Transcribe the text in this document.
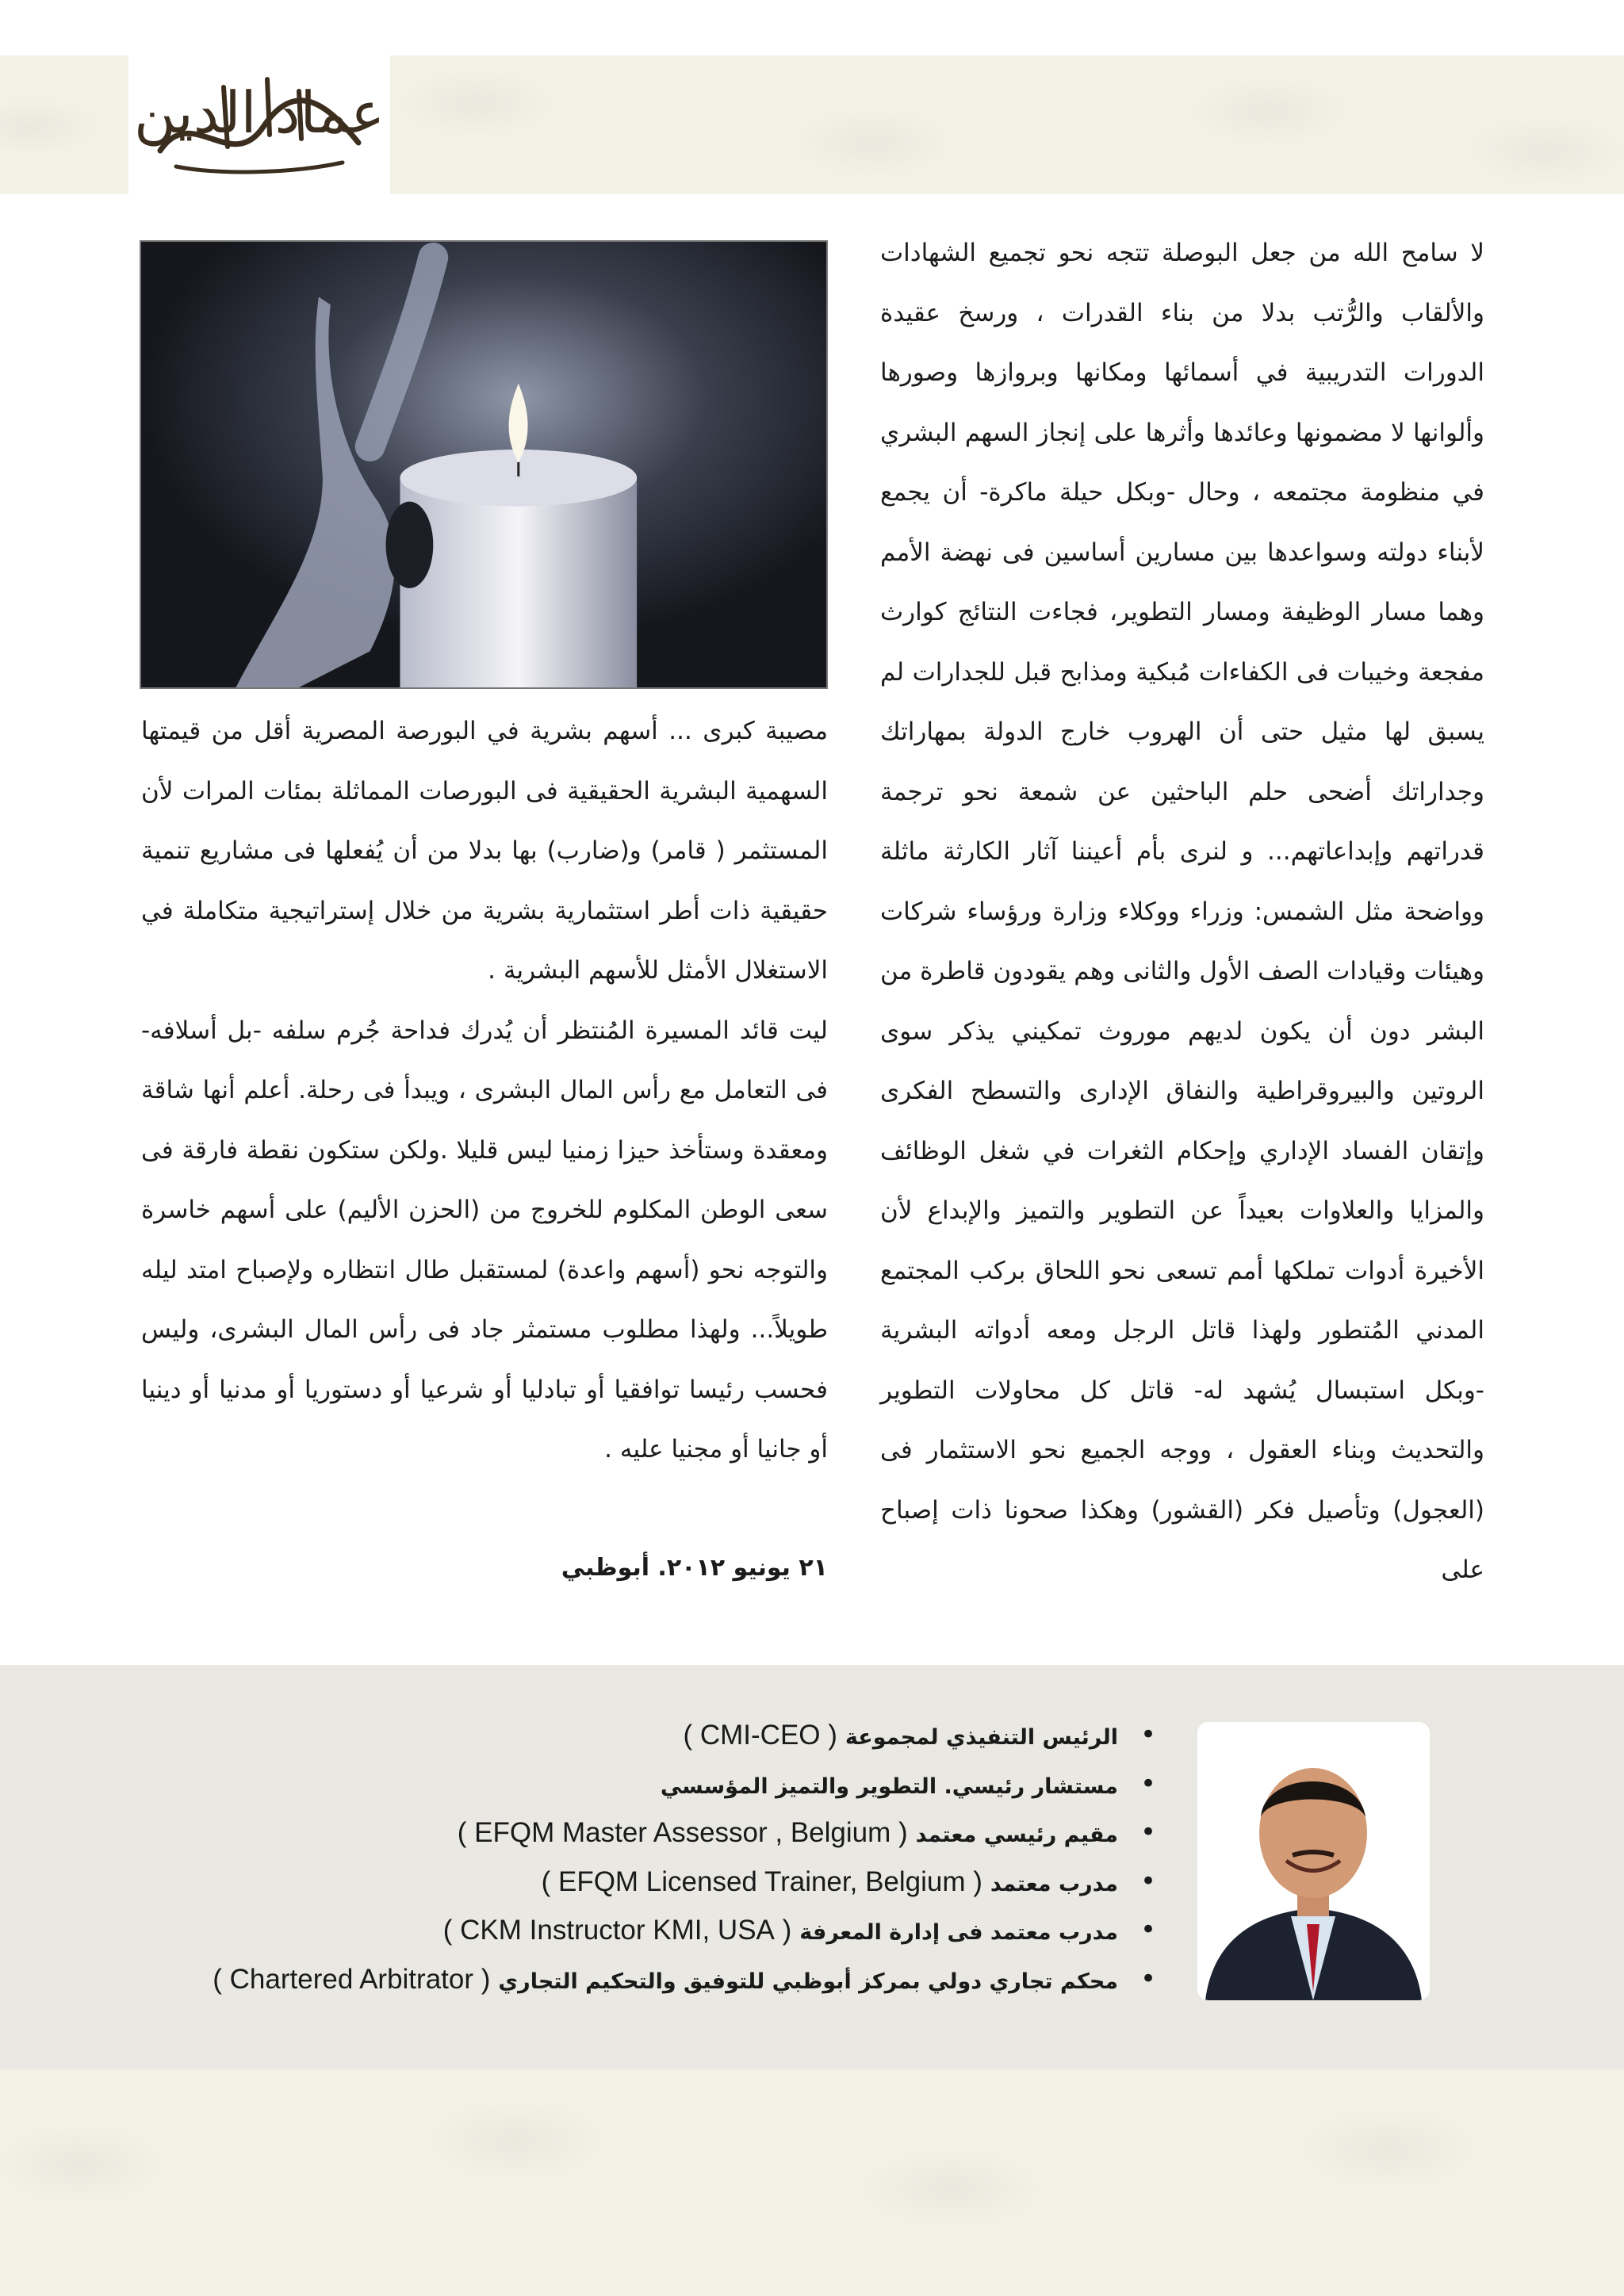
عماد الدين

لا سامح الله من جعل البوصلة تتجه نحو تجميع الشهادات والألقاب والرُّتب بدلا من بناء القدرات ، ورسخ عقيدة الدورات التدريبية في أسمائها ومكانها وبروازها وصورها وألوانها لا مضمونها وعائدها وأثرها على إنجاز السهم البشري في منظومة مجتمعه ، وحال -وبكل حيلة ماكرة- أن يجمع لأبناء دولته وسواعدها بين مسارين أساسين فى نهضة الأمم وهما مسار الوظيفة ومسار التطوير، فجاءت النتائج كوارث مفجعة وخيبات فى الكفاءات مُبكية ومذابح قبل للجدارات لم يسبق لها مثيل حتى أن الهروب خارج الدولة بمهاراتك وجداراتك أضحى حلم الباحثين عن شمعة نحو ترجمة قدراتهم وإبداعاتهم... و لنرى بأم أعيننا آثار الكارثة ماثلة وواضحة مثل الشمس: وزراء ووكلاء وزارة ورؤساء شركات وهيئات وقيادات الصف الأول والثانى وهم يقودون قاطرة من البشر دون أن يكون لديهم موروث تمكيني يذكر سوى الروتين والبيروقراطية والنفاق الإدارى والتسطح الفكرى وإتقان الفساد الإداري وإحكام الثغرات في شغل الوظائف والمزايا والعلاوات بعيداً عن التطوير والتميز والإبداع لأن الأخيرة أدوات تملكها أمم تسعى نحو اللحاق بركب المجتمع المدني المُتطور ولهذا قاتل الرجل ومعه أدواته البشرية -وبكل استبسال يُشهد له- قاتل كل محاولات التطوير والتحديث وبناء العقول ، ووجه الجميع نحو الاستثمار فى (العجول) وتأصيل فكر (القشور) وهكذا صحونا ذات إصباح على

مصيبة كبرى ... أسهم بشرية في البورصة المصرية أقل من قيمتها السهمية البشرية الحقيقية فى البورصات المماثلة بمئات المرات لأن المستثمر ( قامر) و(ضارب) بها بدلا من أن يُفعلها فى مشاريع تنمية حقيقية ذات أطر استثمارية بشرية من خلال إستراتيجية متكاملة في الاستغلال الأمثل للأسهم البشرية .

ليت قائد المسيرة المُنتظر أن يُدرك فداحة جُرم سلفه -بل أسلافه- فى التعامل مع رأس المال البشرى ، ويبدأ فى رحلة. أعلم أنها شاقة ومعقدة وستأخذ حيزا زمنيا ليس قليلا .ولكن ستكون نقطة فارقة فى سعى الوطن المكلوم للخروج من (الحزن الأليم) على أسهم خاسرة والتوجه نحو (أسهم واعدة) لمستقبل طال انتظاره ولإصباح امتد ليله طويلاً... ولهذا مطلوب مستمثر جاد فى رأس المال البشرى، وليس فحسب رئيسا توافقيا أو تبادليا أو شرعيا أو دستوريا أو مدنيا أو دينيا أو جانيا أو مجنيا عليه .

٢١ يونيو ٢٠١٢. أبوظبي
•
الرئيس التنفيذي لمجموعة( CMI-CEO )
•
مستشار رئيسي. التطوير والتميز المؤسسي
•
مقيم رئيسي معتمد( EFQM Master Assessor , Belgium )
•
مدرب معتمد( EFQM Licensed Trainer, Belgium )
•
مدرب معتمد فى إدارة المعرفة( CKM Instructor KMI, USA )
•
محكم تجاري دولي بمركز أبوظبي للتوفيق والتحكيم التجاري( Chartered Arbitrator )
